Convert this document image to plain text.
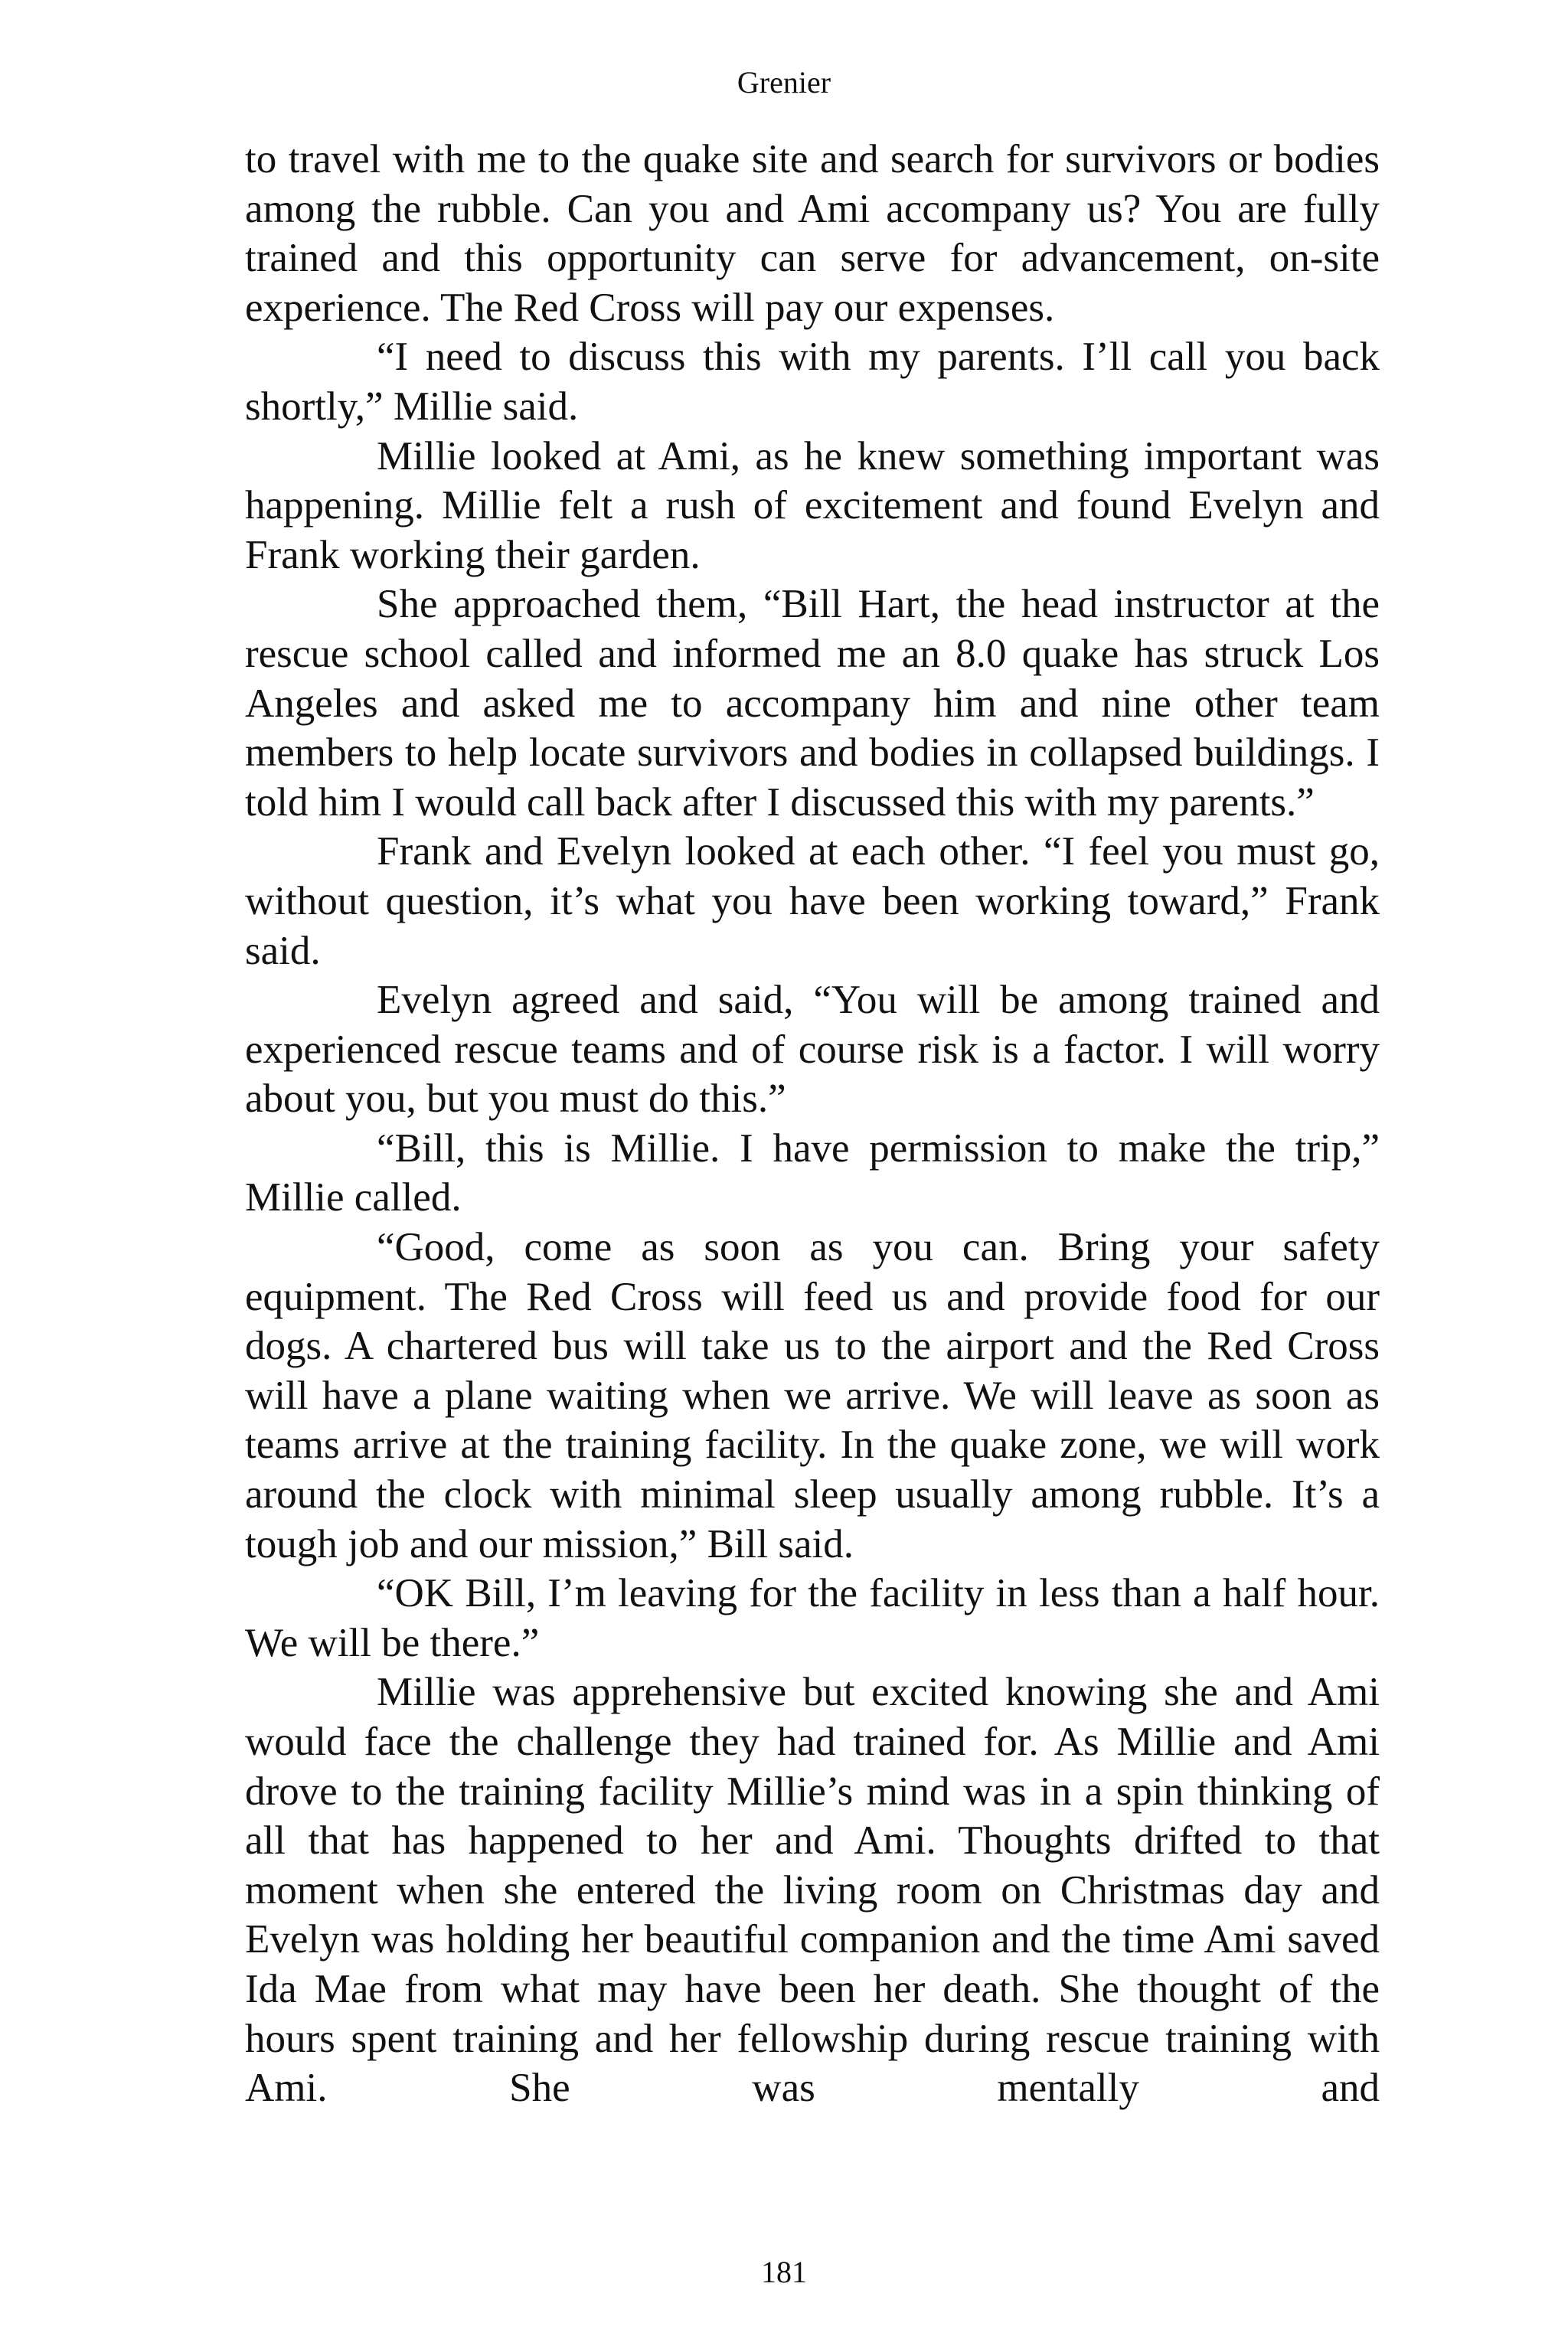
Grenier

to travel with me to the quake site and search for survivors or bodies among the rubble. Can you and Ami accompany us? You are fully trained and this opportunity can serve for advancement, on-site experience. The Red Cross will pay our expenses.

“I need to discuss this with my parents. I’ll call you back shortly,” Millie said.

Millie looked at Ami, as he knew something important was happening. Millie felt a rush of excitement and found Evelyn and Frank working their garden.

She approached them, “Bill Hart, the head instructor at the rescue school called and informed me an 8.0 quake has struck Los Angeles and asked me to accompany him and nine other team members to help locate survivors and bodies in collapsed buildings. I told him I would call back after I discussed this with my parents.”

Frank and Evelyn looked at each other. “I feel you must go, without question, it’s what you have been working toward,” Frank said.

Evelyn agreed and said, “You will be among trained and experienced rescue teams and of course risk is a factor. I will worry about you, but you must do this.”

“Bill, this is Millie. I have permission to make the trip,” Millie called.

“Good, come as soon as you can. Bring your safety equipment. The Red Cross will feed us and provide food for our dogs. A chartered bus will take us to the airport and the Red Cross will have a plane waiting when we arrive. We will leave as soon as teams arrive at the training facility. In the quake zone, we will work around the clock with minimal sleep usually among rubble. It’s a tough job and our mission,” Bill said.

“OK Bill, I’m leaving for the facility in less than a half hour. We will be there.”

Millie was apprehensive but excited knowing she and Ami would face the challenge they had trained for. As Millie and Ami drove to the training facility Millie’s mind was in a spin thinking of all that has happened to her and Ami. Thoughts drifted to that moment when she entered the living room on Christmas day and Evelyn was holding her beautiful companion and the time Ami saved Ida Mae from what may have been her death. She thought of the hours spent training and her fellowship during rescue training with Ami. She was mentally and

181
